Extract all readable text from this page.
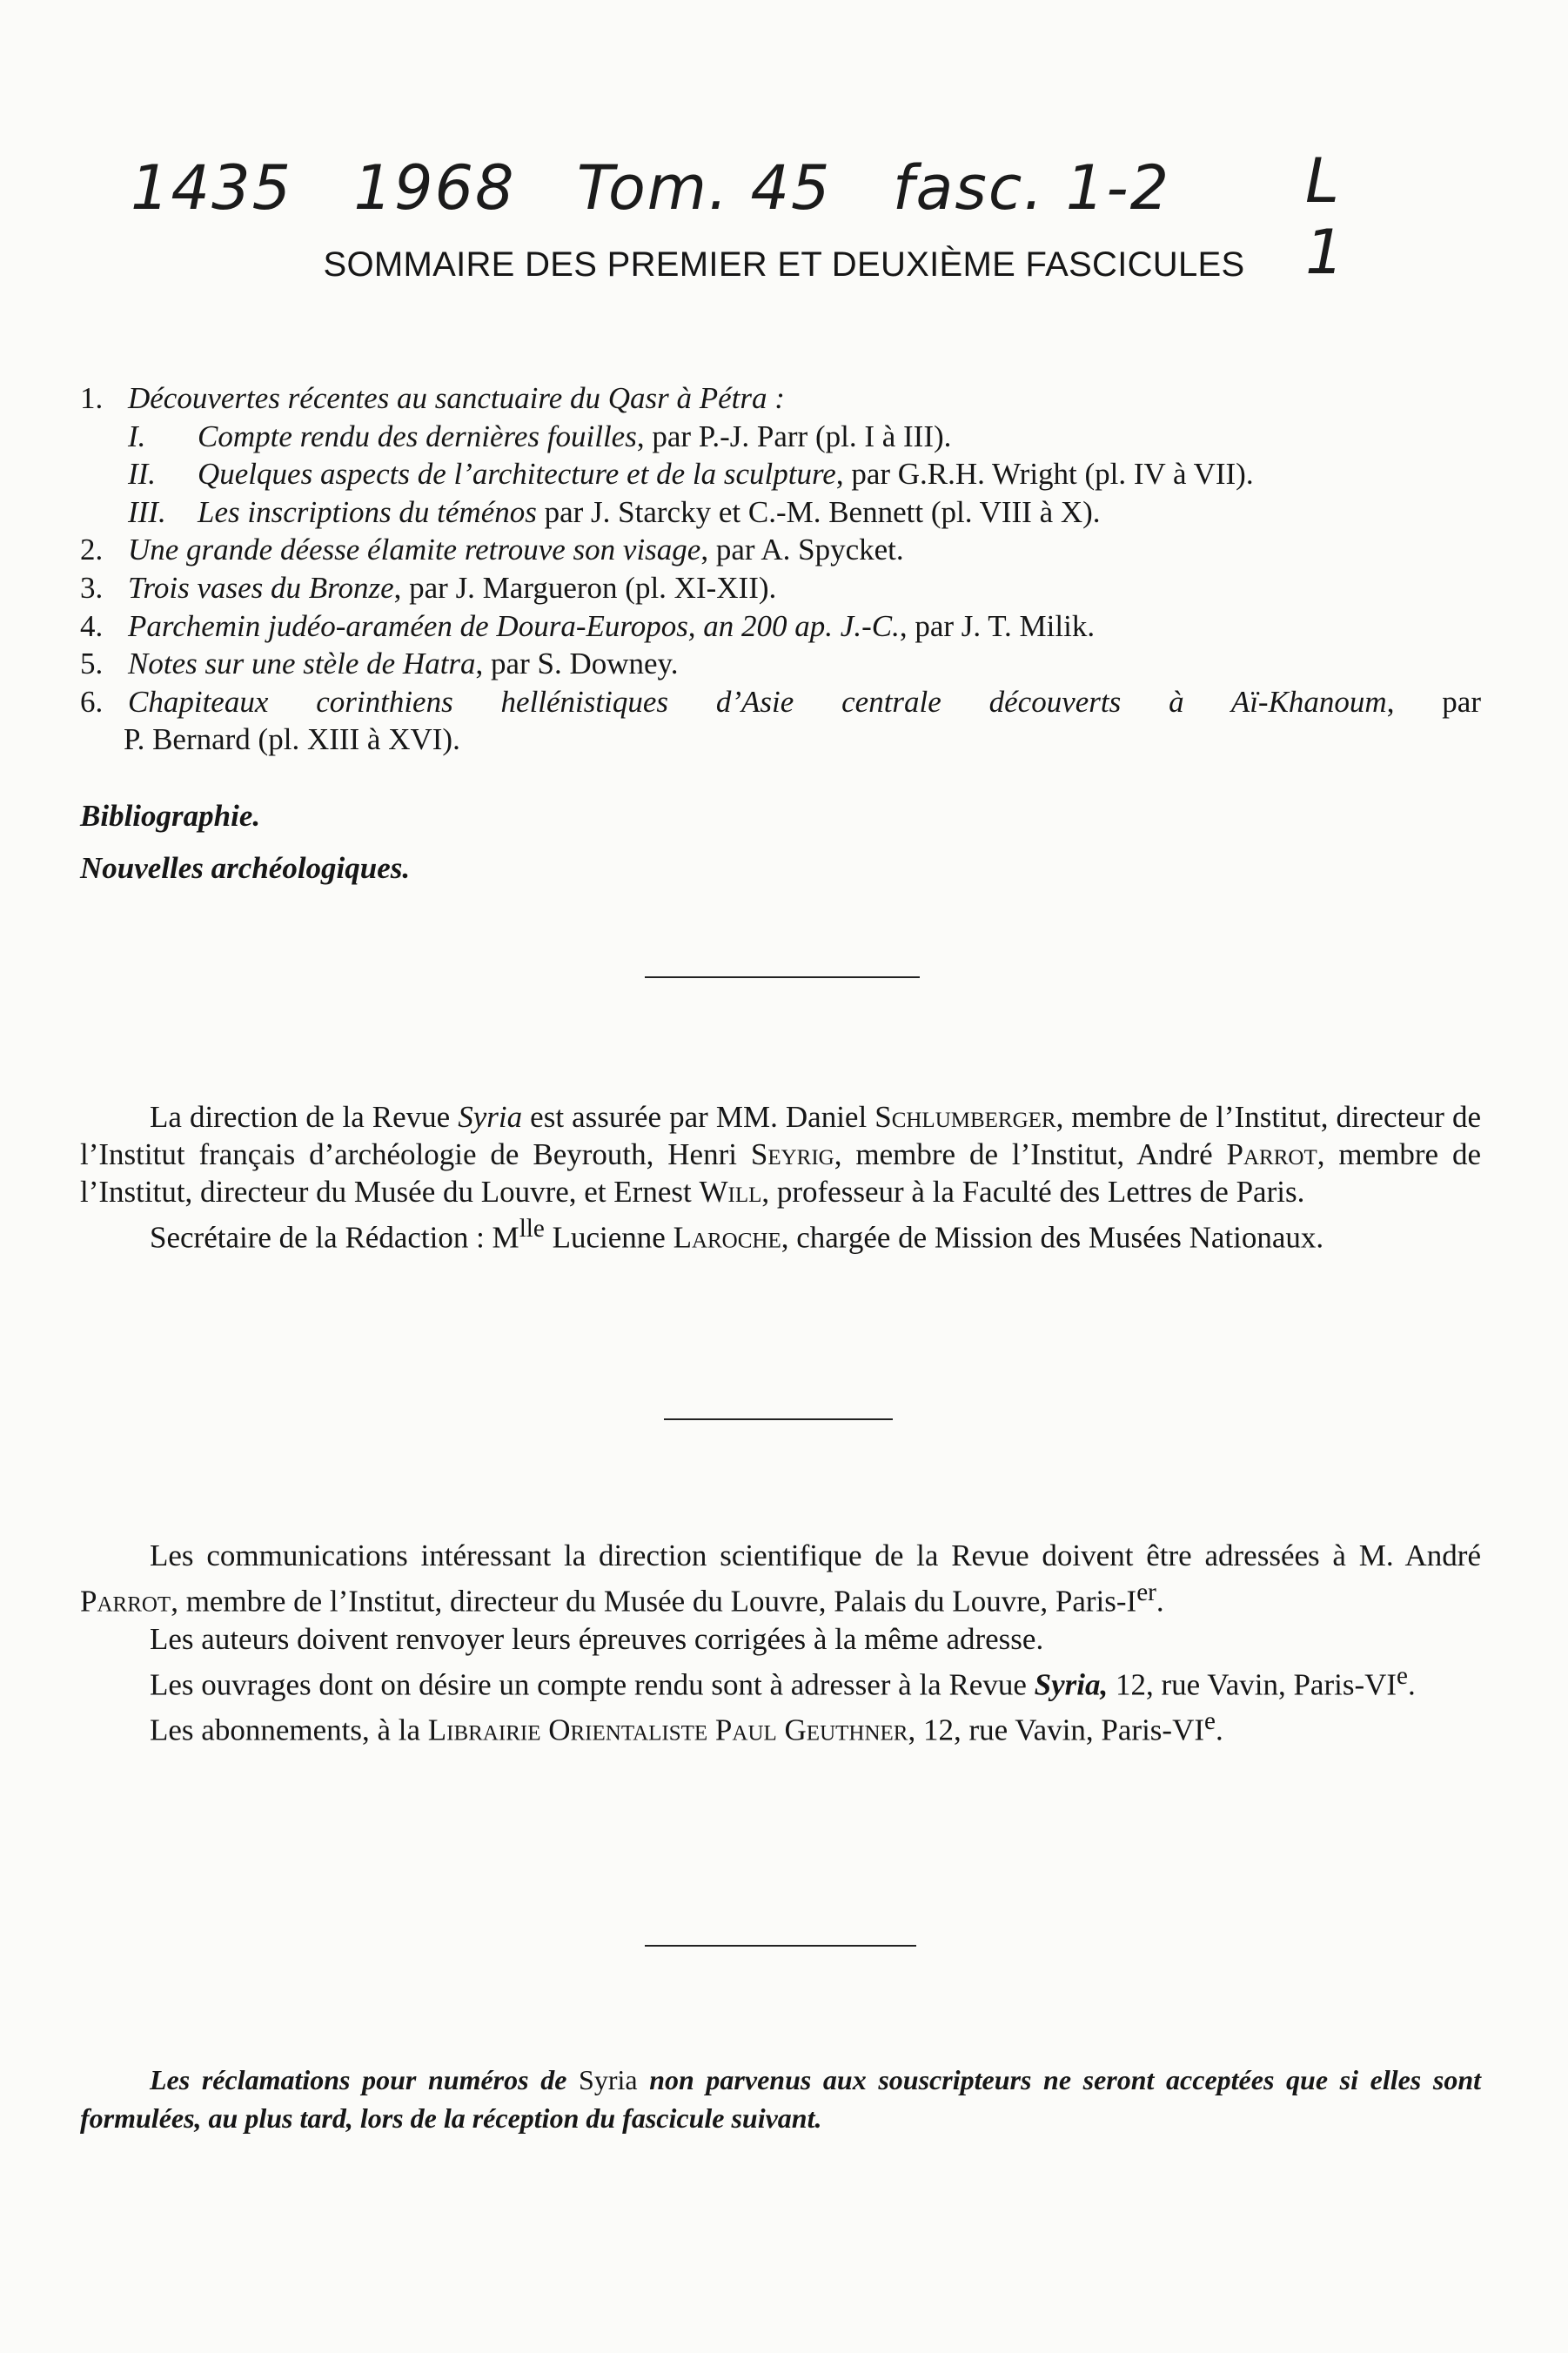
1435 1968 Tom. 45 fasc. 1-2 L 1
SOMMAIRE DES PREMIER ET DEUXIÈME FASCICULES
1. Découvertes récentes au sanctuaire du Qasr à Pétra :
I. Compte rendu des dernières fouilles, par P.-J. Parr (pl. I à III).
II. Quelques aspects de l’architecture et de la sculpture, par G.R.H. Wright (pl. IV à VII).
III. Les inscriptions du téménos par J. Starcky et C.-M. Bennett (pl. VIII à X).
2. Une grande déesse élamite retrouve son visage, par A. Spycket.
3. Trois vases du Bronze, par J. Margueron (pl. XI-XII).
4. Parchemin judéo-araméen de Doura-Europos, an 200 ap. J.-C., par J. T. Milik.
5. Notes sur une stèle de Hatra, par S. Downey.
6. Chapiteaux corinthiens hellénistiques d’Asie centrale découverts à Aï-Khanoum, par
P. Bernard (pl. XIII à XVI).
Bibliographie.
Nouvelles archéologiques.
La direction de la Revue Syria est assurée par MM. Daniel Schlumberger, membre de l’Institut, directeur de l’Institut français d’archéologie de Beyrouth, Henri Seyrig, membre de l’Institut, André Parrot, membre de l’Institut, directeur du Musée du Louvre, et Ernest Will, professeur à la Faculté des Lettres de Paris.
Secrétaire de la Rédaction : $M^{lle}$ Lucienne Laroche, chargée de Mission des Musées Nationaux.
Les communications intéressant la direction scientifique de la Revue doivent être adressées à M. André Parrot, membre de l’Institut, directeur du Musée du Louvre, Palais du Louvre, Paris-Ier.
Les auteurs doivent renvoyer leurs épreuves corrigées à la même adresse.
Les ouvrages dont on désire un compte rendu sont à adresser à la Revue Syria, 12, rue Vavin, Paris-VIe.
Les abonnements, à la Librairie Orientaliste Paul Geuthner, 12, rue Vavin, Paris-VIe.
Les réclamations pour numéros de Syria non parvenus aux souscripteurs ne seront acceptées que si elles sont formulées, au plus tard, lors de la réception du fascicule suivant.
